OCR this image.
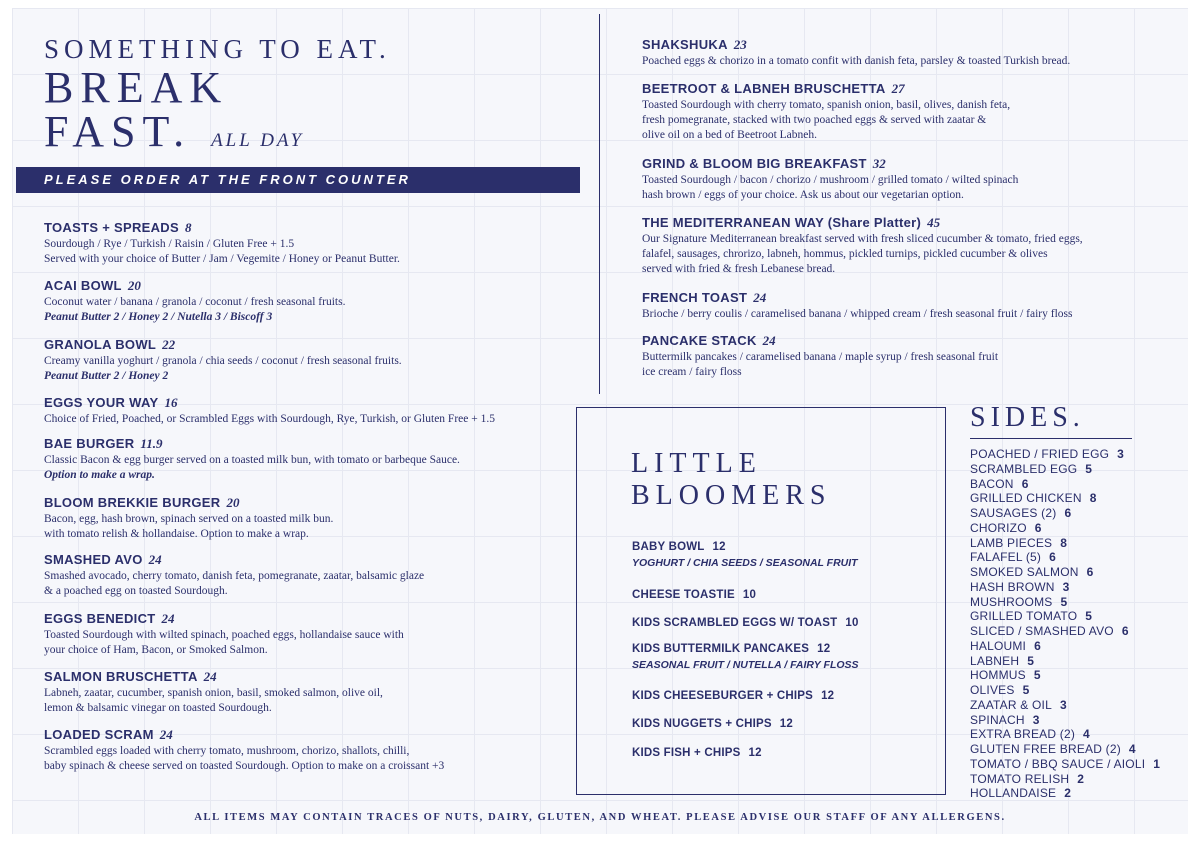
SOMETHING TO EAT.
BREAK
FAST. ALL DAY
PLEASE ORDER AT THE FRONT COUNTER
TOASTS + SPREADS 8
Sourdough / Rye / Turkish / Raisin / Gluten Free + 1.5
Served with your choice of Butter / Jam / Vegemite / Honey or Peanut Butter.
ACAI BOWL 20
Coconut water / banana / granola / coconut / fresh seasonal fruits.
Peanut Butter 2 / Honey 2 / Nutella 3 / Biscoff 3
GRANOLA BOWL 22
Creamy vanilla yoghurt / granola / chia seeds / coconut / fresh seasonal fruits.
Peanut Butter 2 / Honey 2
EGGS YOUR WAY 16
Choice of Fried, Poached, or Scrambled Eggs with Sourdough, Rye, Turkish, or Gluten Free + 1.5
BAE BURGER 11.9
Classic Bacon & egg burger served on a toasted milk bun, with tomato or barbeque Sauce.
Option to make a wrap.
BLOOM BREKKIE BURGER 20
Bacon, egg, hash brown, spinach served on a toasted milk bun.
with tomato relish & hollandaise. Option to make a wrap.
SMASHED AVO 24
Smashed avocado, cherry tomato, danish feta, pomegranate, zaatar, balsamic glaze
& a poached egg on toasted Sourdough.
EGGS BENEDICT 24
Toasted Sourdough with wilted spinach, poached eggs, hollandaise sauce with
your choice of Ham, Bacon, or Smoked Salmon.
SALMON BRUSCHETTA 24
Labneh, zaatar, cucumber, spanish onion, basil, smoked salmon, olive oil,
lemon & balsamic vinegar on toasted Sourdough.
LOADED SCRAM 24
Scrambled eggs loaded with cherry tomato, mushroom, chorizo, shallots, chilli,
baby spinach & cheese served on toasted Sourdough. Option to make on a croissant +3
SHAKSHUKA 23
Poached eggs & chorizo in a tomato confit with danish feta, parsley & toasted Turkish bread.
BEETROOT & LABNEH BRUSCHETTA 27
Toasted Sourdough with cherry tomato, spanish onion, basil, olives, danish feta,
fresh pomegranate, stacked with two poached eggs & served with zaatar &
olive oil on a bed of Beetroot Labneh.
GRIND & BLOOM BIG BREAKFAST 32
Toasted Sourdough / bacon / chorizo / mushroom / grilled tomato / wilted spinach
hash brown / eggs of your choice. Ask us about our vegetarian option.
THE MEDITERRANEAN WAY (Share Platter) 45
Our Signature Mediterranean breakfast served with fresh sliced cucumber & tomato, fried eggs,
falafel, sausages, chrorizo, labneh, hommus, pickled turnips, pickled cucumber & olives
served with fried & fresh Lebanese bread.
FRENCH TOAST 24
Brioche / berry coulis / caramelised banana / whipped cream / fresh seasonal fruit / fairy floss
PANCAKE STACK 24
Buttermilk pancakes / caramelised banana / maple syrup / fresh seasonal fruit
ice cream / fairy floss
LITTLE
BLOOMERS
BABY BOWL 12
YOGHURT / CHIA SEEDS / SEASONAL FRUIT
CHEESE TOASTIE 10
KIDS SCRAMBLED EGGS W/ TOAST 10
KIDS BUTTERMILK PANCAKES 12
SEASONAL FRUIT / NUTELLA / FAIRY FLOSS
KIDS CHEESEBURGER + CHIPS 12
KIDS NUGGETS + CHIPS 12
KIDS FISH + CHIPS 12
SIDES.
POACHED / FRIED EGG 3
SCRAMBLED EGG 5
BACON 6
GRILLED CHICKEN 8
SAUSAGES (2) 6
CHORIZO 6
LAMB PIECES 8
FALAFEL (5) 6
SMOKED SALMON 6
HASH BROWN 3
MUSHROOMS 5
GRILLED TOMATO 5
SLICED / SMASHED AVO 6
HALOUMI 6
LABNEH 5
HOMMUS 5
OLIVES 5
ZAATAR & OIL 3
SPINACH 3
EXTRA BREAD (2) 4
GLUTEN FREE BREAD (2) 4
TOMATO / BBQ SAUCE / AIOLI 1
TOMATO RELISH 2
HOLLANDAISE 2
ALL ITEMS MAY CONTAIN TRACES OF NUTS, DAIRY, GLUTEN, AND WHEAT. PLEASE ADVISE OUR STAFF OF ANY ALLERGENS.
